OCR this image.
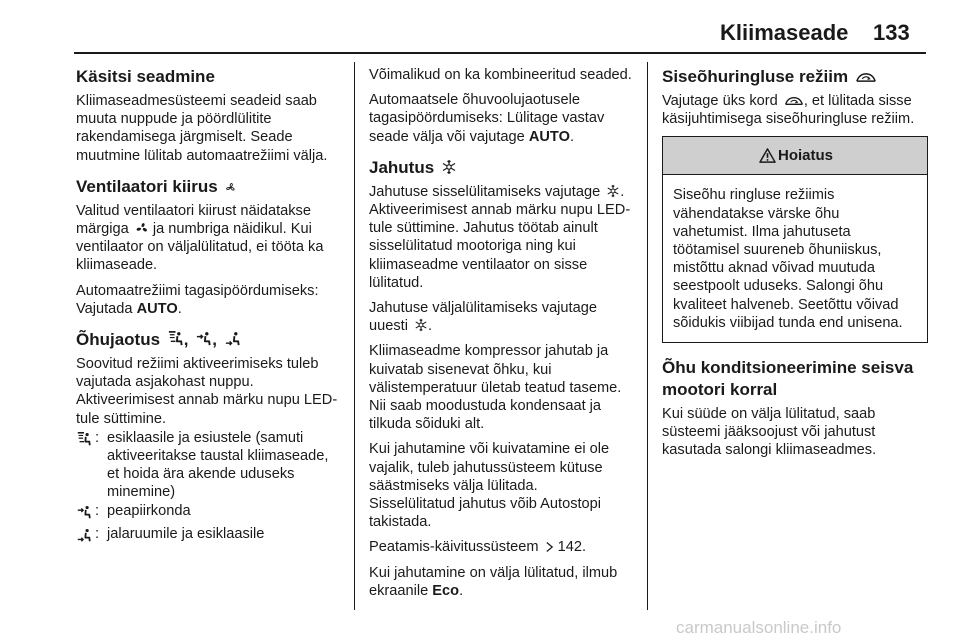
Kliimaseade 133
Käsitsi seadmine

Kliimaseadmesüsteemi seadeid saab muuta nuppude ja pöördlülitite rakendamisega järgmiselt. Seade muutmine lülitab automaatrežiimi välja.

Ventilaatori kiirus

Valitud ventilaatori kiirust näidatakse märgiga ja numbriga näidikul. Kui ventilaator on väljalülitatud, ei tööta ka kliimaseade.

Automaatrežiimi tagasipöördumiseks: Vajutada AUTO.

Õhujaotus , ,

Soovitud režiimi aktiveerimiseks tuleb vajutada asjakohast nuppu.

Aktiveerimisest annab märku nupu LED-tule süttimine.

: esiklaasile ja esiustele (samuti aktiveeritakse taustal kliimaseade, et hoida ära akende uduseks minemine)
: peapiirkonda
: jalaruumile ja esiklaasile

Võimalikud on ka kombineeritud seaded.

Automaatsele õhuvoolujaotusele tagasipöördumiseks: Lülitage vastav seade välja või vajutage AUTO.

Jahutus

Jahutuse sisselülitamiseks vajutage . Aktiveerimisest annab märku nupu LED-tule süttimine. Jahutus töötab ainult sisselülitatud mootoriga ning kui kliimaseadme ventilaator on sisse lülitatud.

Jahutuse väljalülitamiseks vajutage uuesti .

Kliimaseadme kompressor jahutab ja kuivatab sisenevat õhku, kui välistemperatuur ületab teatud taseme. Nii saab moodustuda kondensaat ja tilkuda sõiduki alt.

Kui jahutamine või kuivatamine ei ole vajalik, tuleb jahutussüsteem kütuse säästmiseks välja lülitada.

Sisselülitatud jahutus võib Autostopi takistada.

Peatamis-käivitussüsteem 142.

Kui jahutamine on välja lülitatud, ilmub ekraanile Eco.

Siseõhuringluse režiim

Vajutage üks kord , et lülitada sisse käsijuhtimisega siseõhuringluse režiim.

Hoiatus
Siseõhu ringluse režiimis vähendatakse värske õhu vahetumist. Ilma jahutuseta töötamisel suureneb õhuniiskus, mistõttu aknad võivad muutuda seestpoolt uduseks. Salongi õhu kvaliteet halveneb. Seetõttu võivad sõidukis viibijad tunda end unisena.
Õhu konditsioneerimine seisva mootori korral

Kui süüde on välja lülitatud, saab süsteemi jääksoojust või jahutust kasutada salongi kliimaseadmes.

carmanualsonline.info
